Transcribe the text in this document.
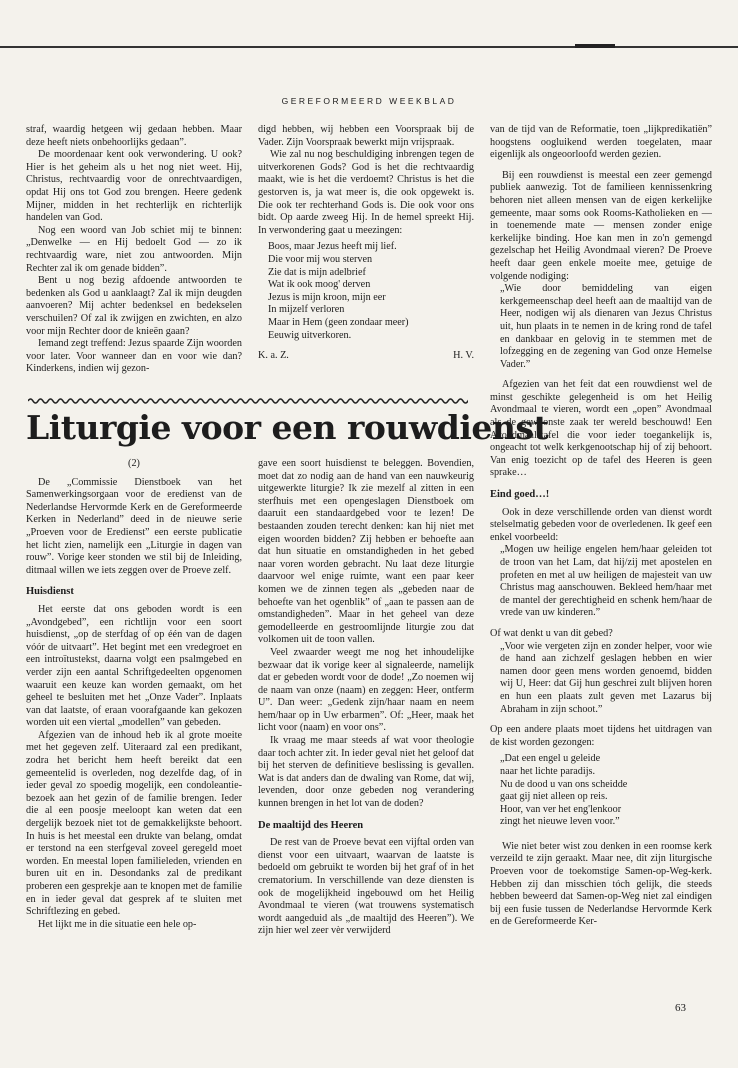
GEREFORMEERD WEEKBLAD

straf, waardig hetgeen wij gedaan hebben. Maar deze heeft niets onbehoorlijks gedaan”.

De moordenaar kent ook verwondering. U ook? Hier is het geheim als u het nog niet weet. Hij, Christus, rechtvaardig voor de onrechtvaardigen, opdat Hij ons tot God zou brengen. Heere gedenk Mijner, midden in het rechterlijk en richterlijk handelen van God.

Nog een woord van Job schiet mij te binnen: „Denwelke — en Hij bedoelt God — zo ik rechtvaardig ware, niet zou antwoorden. Mijn Rechter zal ik om genade bidden”.

Bent u nog bezig afdoende antwoorden te bedenken als God u aanklaagt? Zal ik mijn deugden aanvoeren? Mij achter bedenksel en bedekselen verschuilen? Of zal ik zwijgen en zwichten, en alzo voor mijn Rechter door de knieën gaan?

Iemand zegt treffend: Jezus spaarde Zijn woorden voor later. Voor wanneer dan en voor wie dan? Kinderkens, indien wij gezon-

digd hebben, wij hebben een Voorspraak bij de Vader. Zijn Voorspraak bewerkt mijn vrijspraak.

Wie zal nu nog beschuldiging inbrengen tegen de uitverkorenen Gods? God is het die rechtvaardig maakt, wie is het die verdoemt? Christus is het die gestorven is, ja wat meer is, die ook opgewekt is. Die ook ter rechterhand Gods is. Die ook voor ons bidt. Op aarde zweeg Hij. In de hemel spreekt Hij. In verwondering gaat u meezingen:

Boos, maar Jezus heeft mij lief.
Die voor mij wou sterven
Zie dat is mijn adelbrief
Wat ik ook moog' derven
Jezus is mijn kroon, mijn eer
In mijzelf verloren
Maar in Hem (geen zondaar meer)
Eeuwig uitverkoren.
K. a. Z.	H. V.
Liturgie voor een rouwdienst
(2)

De „Commissie Dienstboek van het Samenwerkingsorgaan voor de eredienst van de Nederlandse Hervormde Kerk en de Gereformeerde Kerken in Nederland” deed in de nieuwe serie „Proeven voor de Eredienst” een eerste publicatie het licht zien, namelijk een „Liturgie in dagen van rouw”. Vorige keer stonden we stil bij de Inleiding, ditmaal willen we iets zeggen over de Proeve zelf.

Huisdienst

Het eerste dat ons geboden wordt is een „Avondgebed”, een richtlijn voor een soort huisdienst, „op de sterfdag of op één van de dagen vóór de uitvaart”. Het begint met een vredegroet en een introïtustekst, daarna volgt een psalmgebed en verder zijn een aantal Schriftgedeelten opgenomen waaruit een keuze kan worden gemaakt, om het geheel te besluiten met het „Onze Vader”. Inplaats van dat laatste, of eraan voorafgaande kan gekozen worden uit een viertal „modellen” van gebeden.

Afgezien van de inhoud heb ik al grote moeite met het gegeven zelf. Uiteraard zal een predikant, zodra het bericht hem heeft bereikt dat een gemeentelid is overleden, nog dezelfde dag, of in ieder geval zo spoedig mogelijk, een condoleantie-bezoek aan het gezin of de familie brengen. Ieder die al een poosje meeloopt kan weten dat een dergelijk bezoek niet tot de gemakkelijkste behoort. In huis is het meestal een drukte van belang, omdat er terstond na een sterfgeval zoveel geregeld moet worden. En meestal lopen familieleden, vrienden en buren uit en in. Desondanks zal de predikant proberen een gesprekje aan te knopen met de familie en in ieder geval dat gesprek af te sluiten met Schriftlezing en gebed.

Het lijkt me in die situatie een hele op-

gave een soort huisdienst te beleggen. Bovendien, moet dat zo nodig aan de hand van een nauwkeurig uitgewerkte liturgie? Ik zie mezelf al zitten in een sterfhuis met een opengeslagen Dienstboek om daaruit een standaardgebed voor te lezen! De bestaanden zouden terecht denken: kan hij niet met eigen woorden bidden? Zij hebben er behoefte aan dat hun situatie en omstandigheden in het gebed naar voren worden gebracht. Nu laat deze liturgie daarvoor wel enige ruimte, want een paar keer komen we de zinnen tegen als „gebeden naar de behoefte van het ogenblik” of „aan te passen aan de omstandigheden”. Maar in het geheel van deze gemodelleerde en gestroomlijnde liturgie zou dat volkomen uit de toon vallen.

Veel zwaarder weegt me nog het inhoudelijke bezwaar dat ik vorige keer al signaleerde, namelijk dat er gebeden wordt voor de dode! „Zo noemen wij de naam van onze (naam) en zeggen: Heer, ontferm U”. Dan weer: „Gedenk zijn/haar naam en neem hem/haar op in Uw erbarmen”. Of: „Heer, maak het licht voor (naam) en voor ons”.

Ik vraag me maar steeds af wat voor theologie daar toch achter zit. In ieder geval niet het geloof dat bij het sterven de definitieve beslissing is gevallen. Wat is dat anders dan de dwaling van Rome, dat wij, levenden, door onze gebeden nog verandering kunnen brengen in het lot van de doden?

De maaltijd des Heeren

De rest van de Proeve bevat een vijftal orden van dienst voor een uitvaart, waarvan de laatste is bedoeld om gebruikt te worden bij het graf of in het crematorium. In verschillende van deze diensten is ook de mogelijkheid ingebouwd om het Heilig Avondmaal te vieren (wat trouwens systematisch wordt aangeduid als „de maaltijd des Heeren”). We zijn hier wel zeer vèr verwijderd

van de tijd van de Reformatie, toen „lijkpredikatiën” hoogstens oogluikend werden toegelaten, maar eigenlijk als ongeoorloofd werden gezien.

Bij een rouwdienst is meestal een zeer gemengd publiek aanwezig. Tot de familieen kennissenkring behoren niet alleen mensen van de eigen kerkelijke gemeente, maar soms ook Rooms-Katholieken en — in toenemende mate — mensen zonder enige kerkelijke binding. Hoe kan men in zo'n gemengd gezelschap het Heilig Avondmaal vieren? De Proeve heeft daar geen enkele moeite mee, getuige de volgende nodiging:

„Wie door bemiddeling van eigen kerkgemeenschap deel heeft aan de maaltijd van de Heer, nodigen wij als dienaren van Jezus Christus uit, hun plaats in te nemen in de kring rond de tafel en dankbaar en gelovig in te stemmen met de lofzegging en de zegening van God onze Hemelse Vader.”

Afgezien van het feit dat een rouwdienst wel de minst geschikte gelegenheid is om het Heilig Avondmaal te vieren, wordt een „open” Avondmaal als de gewoonste zaak ter wereld beschouwd! Een Avondmaalstafel die voor ieder toegankelijk is, ongeacht tot welk kerkgenootschap hij of zij behoort. Van enig toezicht op de tafel des Heeren is geen sprake…

Eind goed…!

Ook in deze verschillende orden van dienst wordt stelselmatig gebeden voor de overledenen. Ik geef een enkel voorbeeld:

„Mogen uw heilige engelen hem/haar geleiden tot de troon van het Lam, dat hij/zij met apostelen en profeten en met al uw heiligen de majesteit van uw Christus mag aanschouwen. Bekleed hem/haar met de mantel der gerechtigheid en schenk hem/haar de vrede van uw kinderen.”

Of wat denkt u van dit gebed?

„Voor wie vergeten zijn en zonder helper, voor wie de hand aan zichzelf geslagen hebben en wier namen door geen mens worden genoemd, bidden wij U, Heer: dat Gij hun geschrei zult blijven horen en hun een plaats zult geven met Lazarus bij Abraham in zijn schoot.”

Op een andere plaats moet tijdens het uitdragen van de kist worden gezongen:

„Dat een engel u geleide
naar het lichte paradijs.
Nu de dood u van ons scheidde
gaat gij niet alleen op reis.
Hoor, van ver het eng'lenkoor
zingt het nieuwe leven voor.”

Wie niet beter wist zou denken in een roomse kerk verzeild te zijn geraakt. Maar nee, dit zijn liturgische Proeven voor de toekomstige Samen-op-Weg-kerk. Hebben zij dan misschien tóch gelijk, die steeds hebben beweerd dat Samen-op-Weg niet zal eindigen bij een fusie tussen de Nederlandse Hervormde Kerk en de Gereformeerde Ker-

63
